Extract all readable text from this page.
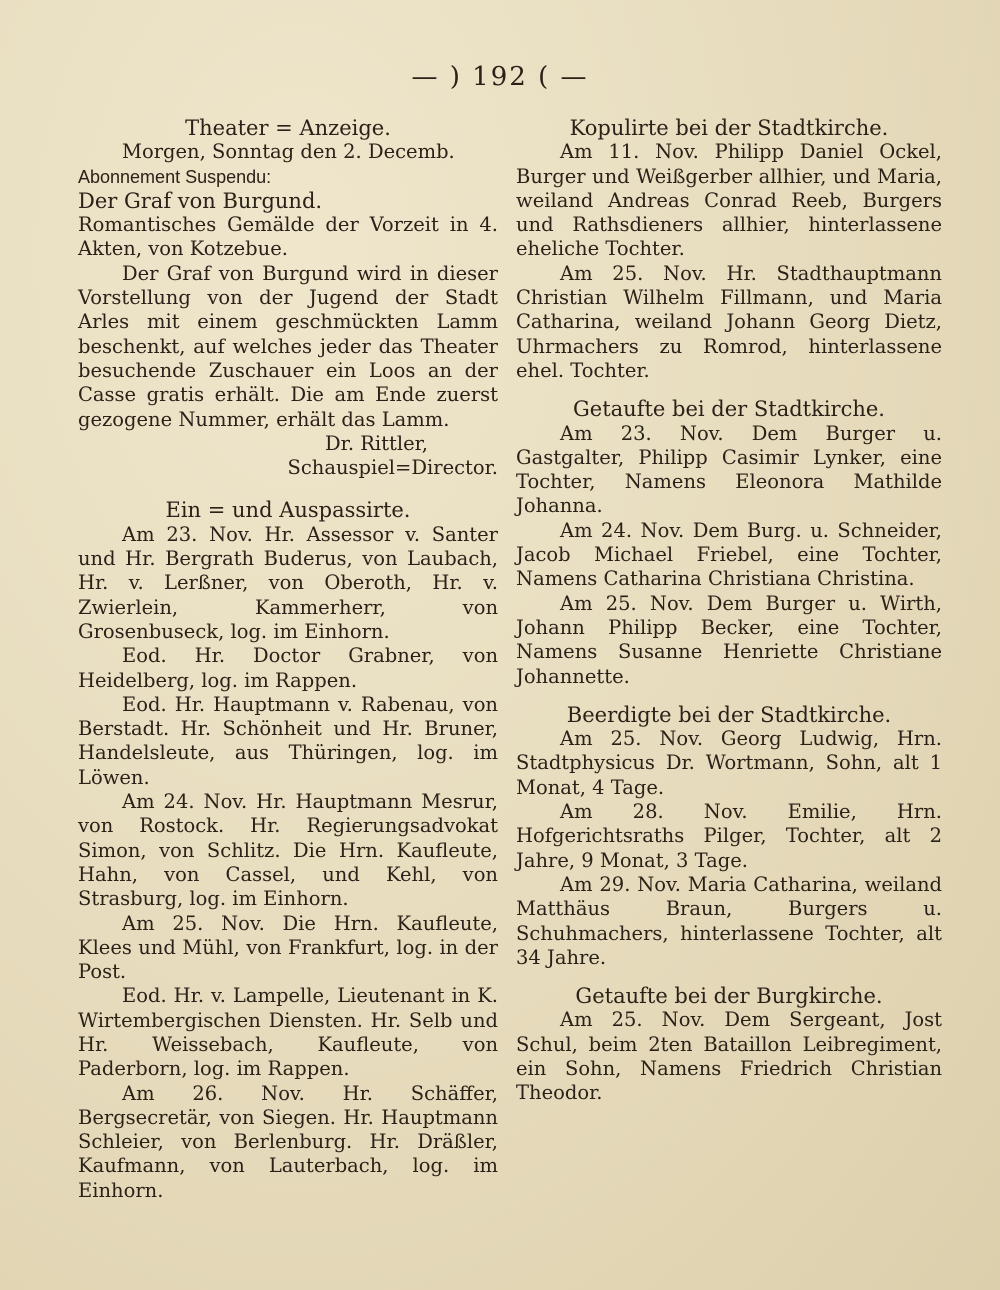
— ) 192 ( —

Theater = Anzeige.

Morgen, Sonntag den 2. Decemb.

Abonnement Suspendu:

Der Graf von Burgund.

Romantisches Gemälde der Vorzeit in 4. Akten, von Kotzebue.

Der Graf von Burgund wird in dieser Vorstellung von der Jugend der Stadt Arles mit einem geschmückten Lamm beschenkt, auf welches jeder das Theater besuchende Zuschauer ein Loos an der Casse gratis erhält. Die am Ende zuerst gezogene Nummer, erhält das Lamm.

Dr. Rittler,

Schauspiel=Director.

Ein = und Auspassirte.

Am 23. Nov. Hr. Assessor v. Santer und Hr. Bergrath Buderus, von Laubach, Hr. v. Lerßner, von Oberoth, Hr. v. Zwierlein, Kammerherr, von Grosenbuseck, log. im Einhorn.

Eod. Hr. Doctor Grabner, von Heidelberg, log. im Rappen.

Eod. Hr. Hauptmann v. Rabenau, von Berstadt. Hr. Schönheit und Hr. Bruner, Handelsleute, aus Thüringen, log. im Löwen.

Am 24. Nov. Hr. Hauptmann Mesrur, von Rostock. Hr. Regierungsadvokat Simon, von Schlitz. Die Hrn. Kaufleute, Hahn, von Cassel, und Kehl, von Strasburg, log. im Einhorn.

Am 25. Nov. Die Hrn. Kaufleute, Klees und Mühl, von Frankfurt, log. in der Post.

Eod. Hr. v. Lampelle, Lieutenant in K. Wirtembergischen Diensten. Hr. Selb und Hr. Weissebach, Kaufleute, von Paderborn, log. im Rappen.

Am 26. Nov. Hr. Schäffer, Bergsecretär, von Siegen. Hr. Hauptmann Schleier, von Berlenburg. Hr. Dräßler, Kaufmann, von Lauterbach, log. im Einhorn.

Kopulirte bei der Stadtkirche.

Am 11. Nov. Philipp Daniel Ockel, Burger und Weißgerber allhier, und Maria, weiland Andreas Conrad Reeb, Burgers und Rathsdieners allhier, hinterlassene eheliche Tochter.

Am 25. Nov. Hr. Stadthauptmann Christian Wilhelm Fillmann, und Maria Catharina, weiland Johann Georg Dietz, Uhrmachers zu Romrod, hinterlassene ehel. Tochter.

Getaufte bei der Stadtkirche.

Am 23. Nov. Dem Burger u. Gastgalter, Philipp Casimir Lynker, eine Tochter, Namens Eleonora Mathilde Johanna.

Am 24. Nov. Dem Burg. u. Schneider, Jacob Michael Friebel, eine Tochter, Namens Catharina Christiana Christina.

Am 25. Nov. Dem Burger u. Wirth, Johann Philipp Becker, eine Tochter, Namens Susanne Henriette Christiane Johannette.

Beerdigte bei der Stadtkirche.

Am 25. Nov. Georg Ludwig, Hrn. Stadtphysicus Dr. Wortmann, Sohn, alt 1 Monat, 4 Tage.

Am 28. Nov. Emilie, Hrn. Hofgerichtsraths Pilger, Tochter, alt 2 Jahre, 9 Monat, 3 Tage.

Am 29. Nov. Maria Catharina, weiland Matthäus Braun, Burgers u. Schuhmachers, hinterlassene Tochter, alt 34 Jahre.

Getaufte bei der Burgkirche.

Am 25. Nov. Dem Sergeant, Jost Schul, beim 2ten Bataillon Leibregiment, ein Sohn, Namens Friedrich Christian Theodor.
